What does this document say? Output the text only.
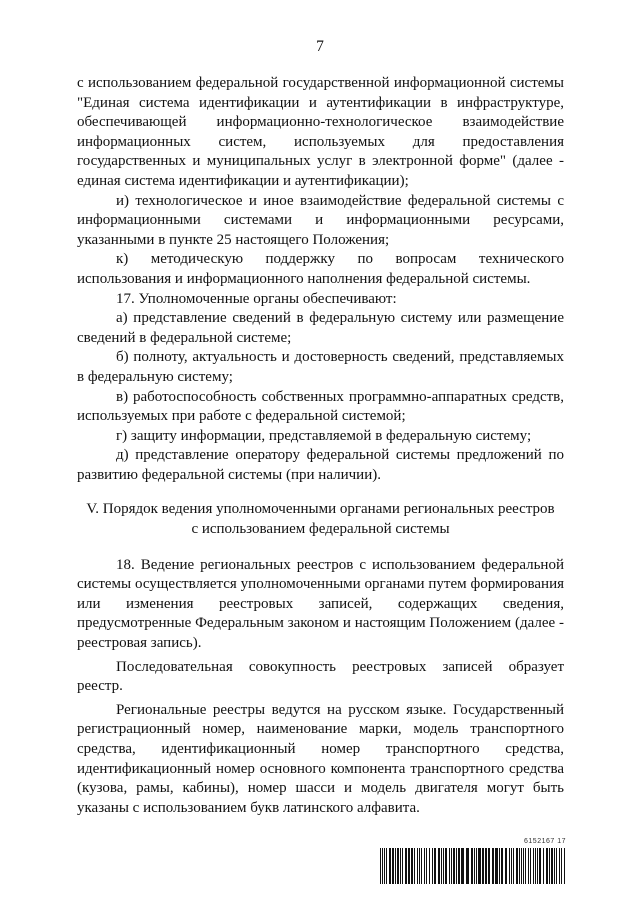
7

с использованием федеральной государственной информационной системы "Единая система идентификации и аутентификации в инфраструктуре, обеспечивающей информационно-технологическое взаимодействие информационных систем, используемых для предоставления государственных и муниципальных услуг в электронной форме" (далее - единая система идентификации и аутентификации);

и) технологическое и иное взаимодействие федеральной системы с информационными системами и информационными ресурсами, указанными в пункте 25 настоящего Положения;

к) методическую поддержку по вопросам технического использования и информационного наполнения федеральной системы.

17. Уполномоченные органы обеспечивают:

а) представление сведений в федеральную систему или размещение сведений в федеральной системе;

б) полноту, актуальность и достоверность сведений, представляемых в федеральную систему;

в) работоспособность собственных программно-аппаратных средств, используемых при работе с федеральной системой;

г) защиту информации, представляемой в федеральную систему;

д) представление оператору федеральной системы предложений по развитию федеральной системы (при наличии).

V. Порядок ведения уполномоченными органами региональных реестров
с использованием федеральной системы

18. Ведение региональных реестров с использованием федеральной системы осуществляется уполномоченными органами путем формирования или изменения реестровых записей, содержащих сведения, предусмотренные Федеральным законом и настоящим Положением (далее - реестровая запись).

Последовательная совокупность реестровых записей образует реестр.

Региональные реестры ведутся на русском языке. Государственный регистрационный номер, наименование марки, модель транспортного средства, идентификационный номер транспортного средства, идентификационный номер основного компонента транспортного средства (кузова, рамы, кабины), номер шасси и модель двигателя могут быть указаны с использованием букв латинского алфавита.

6152167 17
